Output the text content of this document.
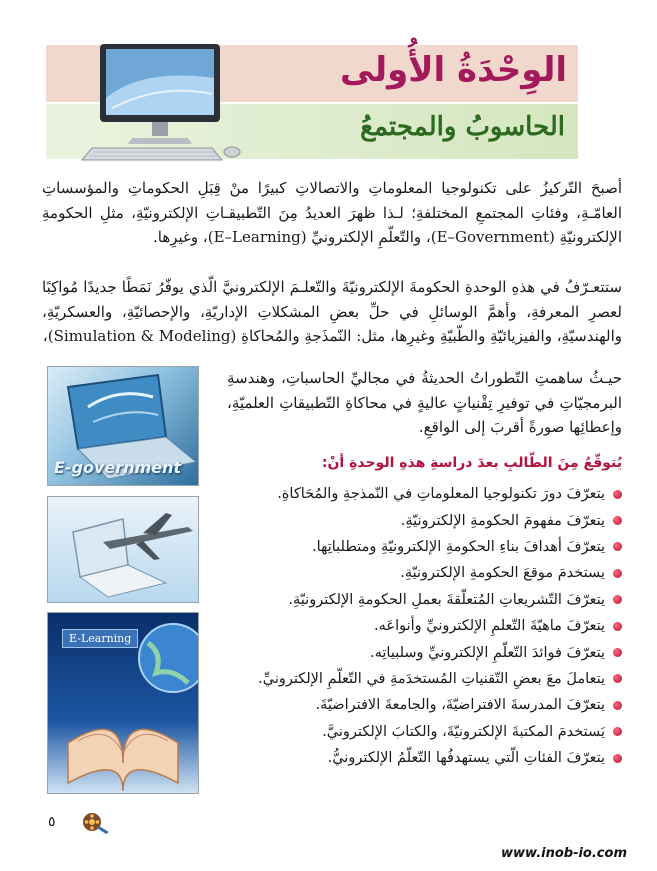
الوِحْدَةُ الأُولى
الحاسوبُ والمجتمعُ

أصبحَ التّركيزُ على تكنولوجيا المعلوماتِ والاتصالاتِ كبيرًا منْ قِبَلِ الحكوماتِ والمؤسساتِ العامّـةِ، وفئاتِ المجتمعِ المختلفةِ؛ لـذا ظهرَ العديدُ مِنَ التّطبيقـاتِ الإلكترونيّةِ، مثلِ الحكومةِ الإلكترونيّةِ (E–Government)، والتّعلّمِ الإلكترونيِّ (E–Learning)، وغيرِها.

ستتعـرّفُ في هذهِ الوحدةِ الحكومةَ الإلكترونيّةَ والتّعلـمَ الإلكترونيَّ الّذي يوفّرُ نَمَطًا جديدًا مُواكِبًا لعصرِ المعرفةِ، وأهمَّ الوسائلِ في حلِّ بعضِ المشكلاتِ الإداريّةِ، والإحصائيّةِ، والعسكريّةِ، والهندسيّةِ، والفيزيائيّةِ والطّبيّةِ وغيرِها، مثل: النّمذَجةِ والمُحاكاةِ (Simulation & Modeling)،

حيـثُ ساهمتِ التّطوراتُ الحديثةُ في مجاليِّ الحاسباتِ، وهندسةِ البرمجيّاتِ في توفيرِ تِقْنياتٍ عاليةٍ في محاكاةِ التّطبيقاتِ العلميّةِ، وإعطائِها صورةً أقربَ إلى الواقعِ.

E-government
E-Learning
يُتوقّعُ مِنَ الطّالبِ بعدَ دراسةِ هذهِ الوحدةِ أنْ:
يتعرّفَ دورَ تكنولوجيا المعلوماتِ في النّمذجةِ والمُحَاكاةِ.
يتعرّفَ مفهومَ الحكومةِ الإلكترونيّةِ.
يتعرّفَ أهدافَ بناءِ الحكومةِ الإلكترونيّةِ ومتطلباتِها.
يستخدمَ موقعَ الحكومةِ الإلكترونيّةِ.
يتعرّفَ التّشريعاتِ المُتعلّقةَ بعملِ الحكومةِ الإلكترونيّةِ.
يتعرّفَ ماهيّةَ التّعلمِ الإلكترونيِّ وأنواعَه.
يتعرّفَ فوائدَ التّعلّمِ الإلكترونيِّ وسلبياتِه.
يتعاملَ معَ بعضِ التّقنياتِ المُستخدَمةِ في التّعلّمِ الإلكترونيِّ.
يتعرّفَ المدرسةَ الافتراضيّةَ، والجامعةَ الافتراضيّةَ.
يَستخدمَ المكتبةَ الإلكترونيّةَ، والكتابَ الإلكترونيَّ.
يتعرّفَ الفئاتِ الّتي يستهدفُها التّعلّمُ الإلكترونيُّ.
٥
www.inob-io.com
